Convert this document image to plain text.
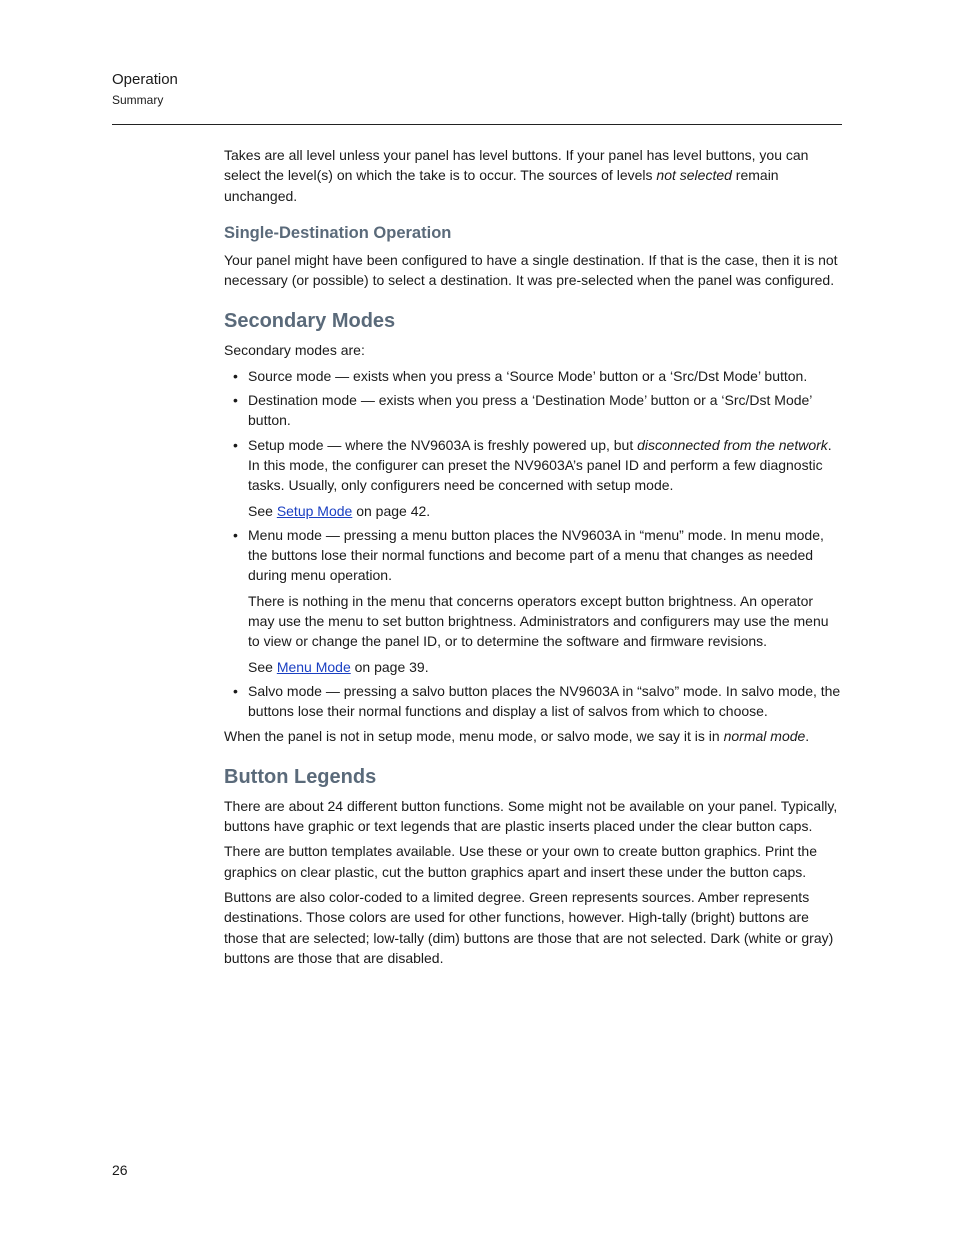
Operation
Summary

Takes are all level unless your panel has level buttons. If your panel has level buttons, you can select the level(s) on which the take is to occur. The sources of levels not selected remain unchanged.

Single-Destination Operation

Your panel might have been configured to have a single destination. If that is the case, then it is not necessary (or possible) to select a destination. It was pre-selected when the panel was configured.

Secondary Modes

Secondary modes are:

• Source mode — exists when you press a ‘Source Mode’ button or a ‘Src/Dst Mode’ button.
• Destination mode — exists when you press a ‘Destination Mode’ button or a ‘Src/Dst Mode’ button.
• Setup mode — where the NV9603A is freshly powered up, but disconnected from the network. In this mode, the configurer can preset the NV9603A’s panel ID and perform a few diagnostic tasks. Usually, only configurers need be concerned with setup mode.

See Setup Mode on page 42.

• Menu mode — pressing a menu button places the NV9603A in “menu” mode. In menu mode, the buttons lose their normal functions and become part of a menu that changes as needed during menu operation.

There is nothing in the menu that concerns operators except button brightness. An operator may use the menu to set button brightness. Administrators and configurers may use the menu to view or change the panel ID, or to determine the software and firmware revisions.

See Menu Mode on page 39.

• Salvo mode — pressing a salvo button places the NV9603A in “salvo” mode. In salvo mode, the buttons lose their normal functions and display a list of salvos from which to choose.

When the panel is not in setup mode, menu mode, or salvo mode, we say it is in normal mode.

Button Legends

There are about 24 different button functions. Some might not be available on your panel. Typically, buttons have graphic or text legends that are plastic inserts placed under the clear button caps.

There are button templates available. Use these or your own to create button graphics. Print the graphics on clear plastic, cut the button graphics apart and insert these under the button caps.

Buttons are also color-coded to a limited degree. Green represents sources. Amber represents destinations. Those colors are used for other functions, however. High-tally (bright) buttons are those that are selected; low-tally (dim) buttons are those that are not selected. Dark (white or gray) buttons are those that are disabled.

26
